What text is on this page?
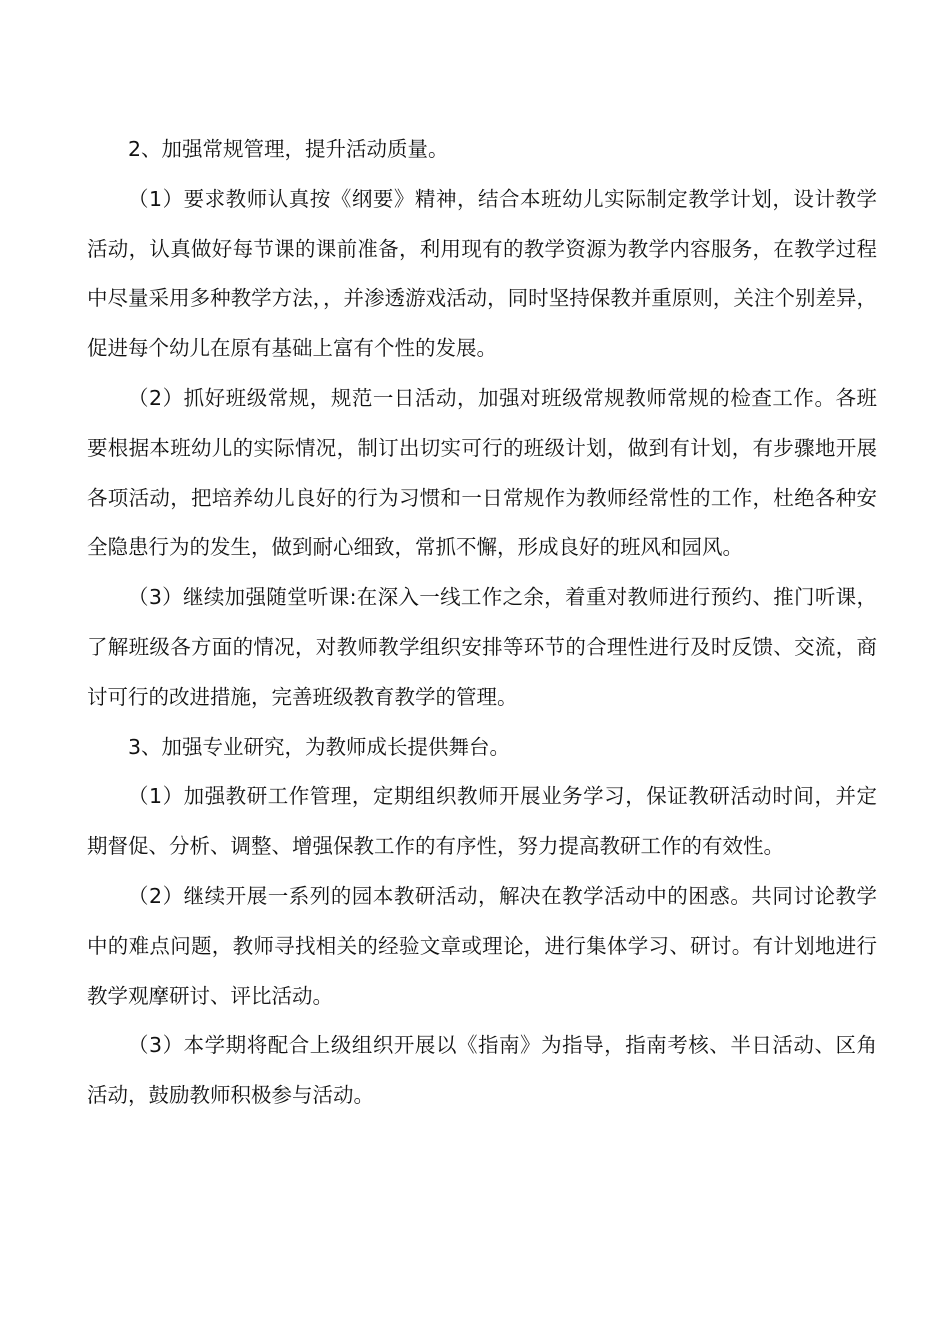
2、加强常规管理，提升活动质量。

（1）要求教师认真按《纲要》精神，结合本班幼儿实际制定教学计划，设计教学活动，认真做好每节课的课前准备，利用现有的教学资源为教学内容服务，在教学过程中尽量采用多种教学方法，，并渗透游戏活动，同时坚持保教并重原则，关注个别差异，促进每个幼儿在原有基础上富有个性的发展。

（2）抓好班级常规，规范一日活动，加强对班级常规教师常规的检查工作。各班要根据本班幼儿的实际情况，制订出切实可行的班级计划，做到有计划，有步骤地开展各项活动，把培养幼儿良好的行为习惯和一日常规作为教师经常性的工作，杜绝各种安全隐患行为的发生，做到耐心细致，常抓不懈，形成良好的班风和园风。

（3）继续加强随堂听课:在深入一线工作之余，着重对教师进行预约、推门听课，了解班级各方面的情况，对教师教学组织安排等环节的合理性进行及时反馈、交流，商讨可行的改进措施，完善班级教育教学的管理。

3、加强专业研究，为教师成长提供舞台。

（1）加强教研工作管理，定期组织教师开展业务学习，保证教研活动时间，并定期督促、分析、调整、增强保教工作的有序性，努力提高教研工作的有效性。

（2）继续开展一系列的园本教研活动，解决在教学活动中的困惑。共同讨论教学中的难点问题，教师寻找相关的经验文章或理论，进行集体学习、研讨。有计划地进行教学观摩研讨、评比活动。

（3）本学期将配合上级组织开展以《指南》为指导，指南考核、半日活动、区角活动，鼓励教师积极参与活动。
